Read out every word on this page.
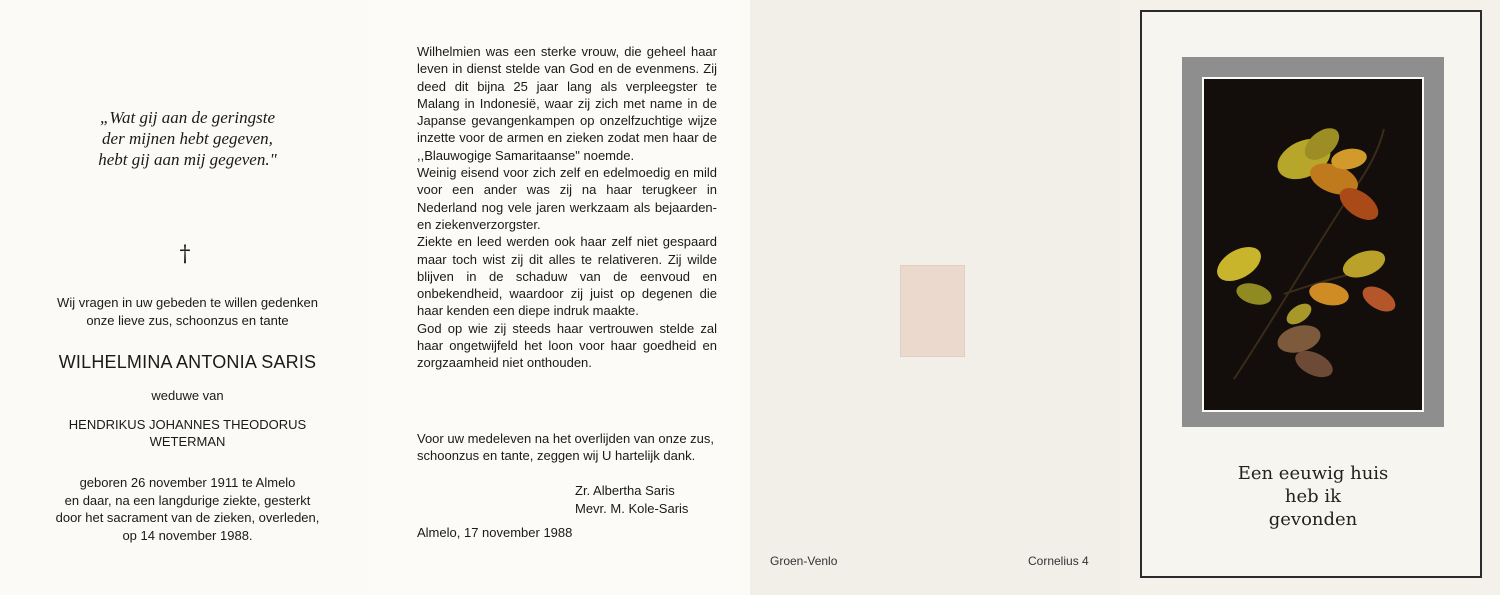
„Wat gij aan de geringste
der mijnen hebt gegeven,
hebt gij aan mij gegeven."
†
Wij vragen in uw gebeden te willen gedenken
onze lieve zus, schoonzus en tante
WILHELMINA ANTONIA SARIS
weduwe van
HENDRIKUS JOHANNES THEODORUS
WETERMAN
geboren 26 november 1911 te Almelo
en daar, na een langdurige ziekte, gesterkt
door het sacrament van de zieken, overleden,
op 14 november 1988.

Wilhelmien was een sterke vrouw, die geheel haar leven in dienst stelde van God en de evenmens. Zij deed dit bijna 25 jaar lang als verpleegster te Malang in Indonesië, waar zij zich met name in de Japanse gevangenkampen op onzelfzuchtige wijze inzette voor de armen en zieken zodat men haar de ,,Blauwogige Samaritaanse" noemde.

Weinig eisend voor zich zelf en edelmoedig en mild voor een ander was zij na haar terugkeer in Nederland nog vele jaren werkzaam als bejaarden- en ziekenverzorgster.

Ziekte en leed werden ook haar zelf niet gespaard maar toch wist zij dit alles te relativeren. Zij wilde blijven in de schaduw van de eenvoud en onbekendheid, waardoor zij juist op degenen die haar kenden een diepe indruk maakte.

God op wie zij steeds haar vertrouwen stelde zal haar ongetwijfeld het loon voor haar goedheid en zorgzaamheid niet onthouden.

Voor uw medeleven na het overlijden van onze zus, schoonzus en tante, zeggen wij U hartelijk dank.
Zr. Albertha Saris
Mevr. M. Kole-Saris
Almelo, 17 november 1988
Groen-Venlo	Cornelius 4
Een eeuwig huis
heb ik
gevonden
